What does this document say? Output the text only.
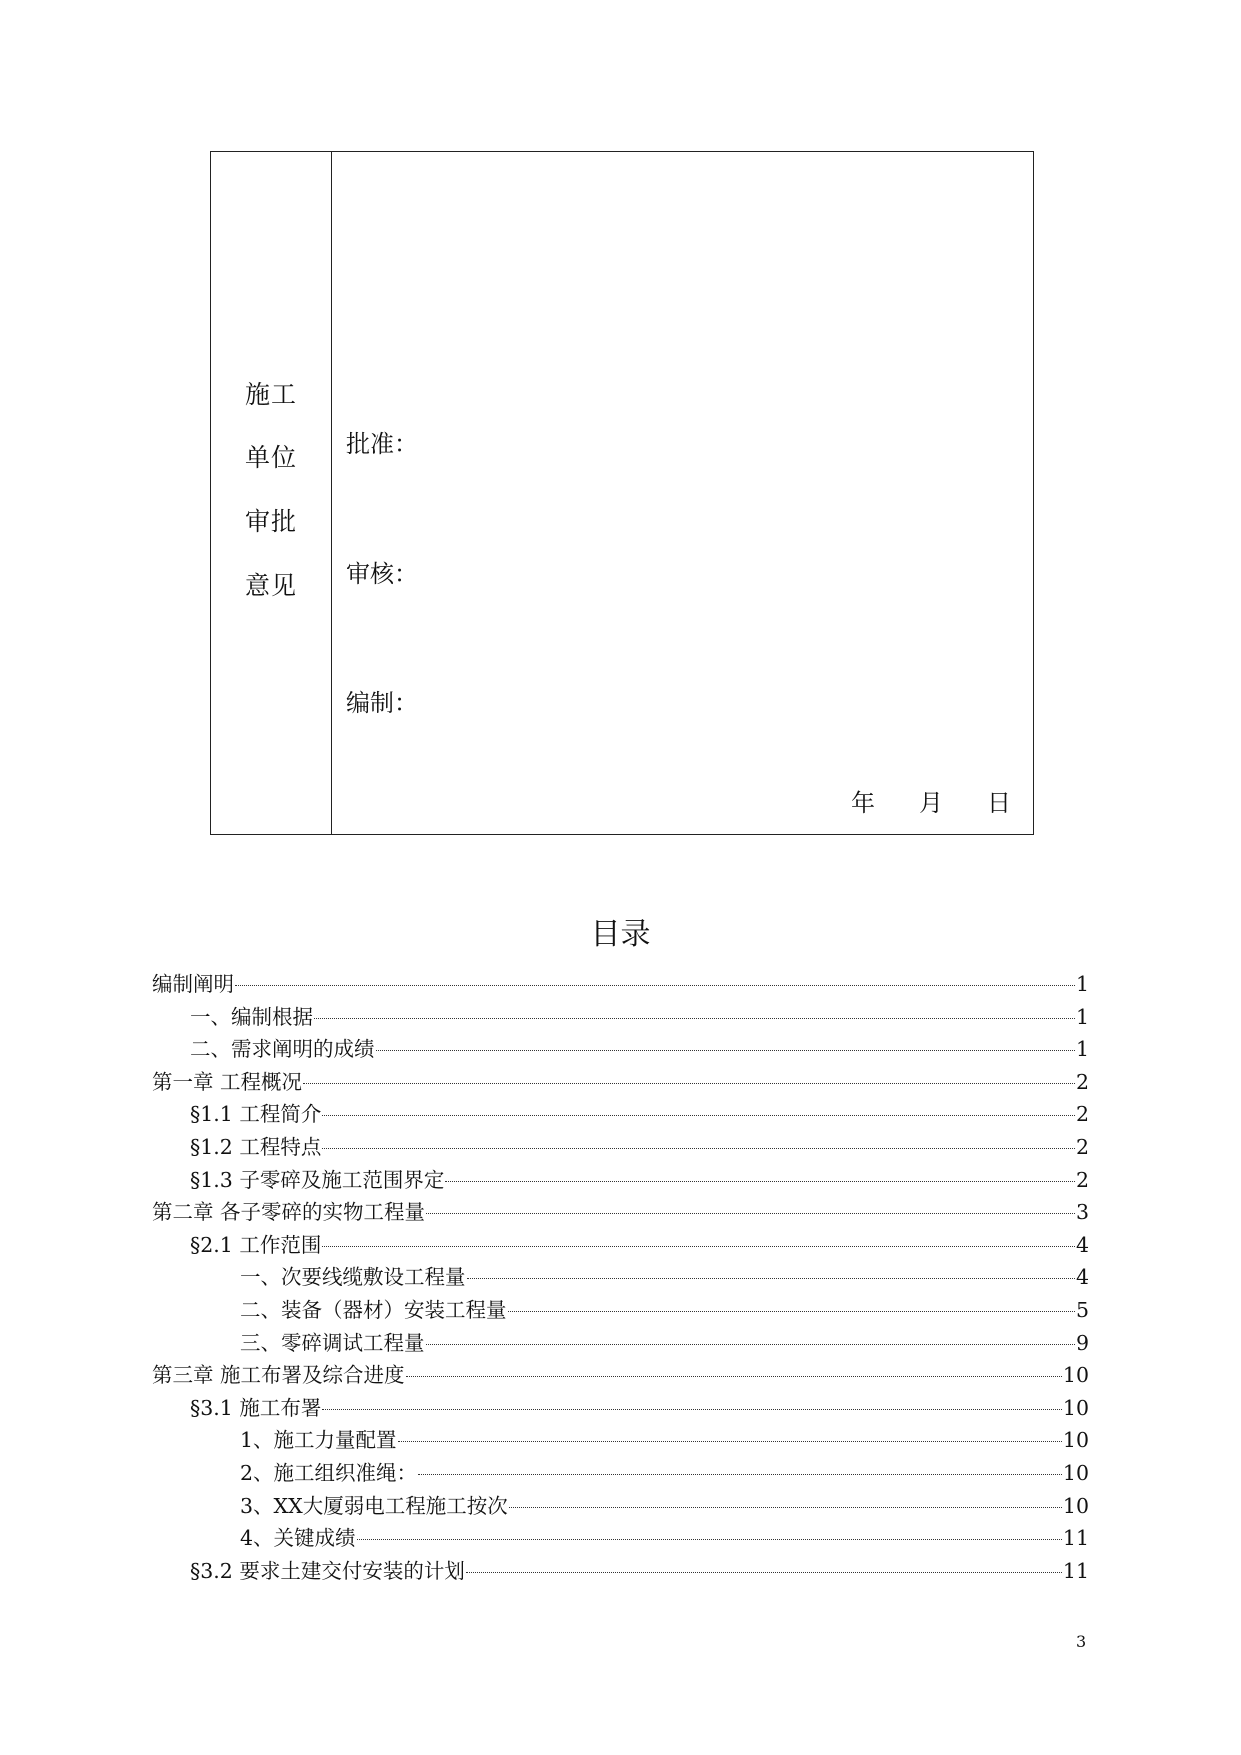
施工
单位
审批
意见
批准：
审核：
编制：
年 月 日
目录
编制阐明	1
一、编制根据	1
二、需求阐明的成绩	1
第一章 工程概况	2
§1.1 工程简介	2
§1.2 工程特点	2
§1.3 子零碎及施工范围界定	2
第二章 各子零碎的实物工程量	3
§2.1 工作范围	4
一、次要线缆敷设工程量	4
二、装备（器材）安装工程量	5
三、零碎调试工程量	9
第三章 施工布署及综合进度	10
§3.1 施工布署	10
1、施工力量配置	10
2、施工组织准绳：	10
3、XX大厦弱电工程施工按次	10
4、关键成绩	11
§3.2 要求土建交付安装的计划	11
3
